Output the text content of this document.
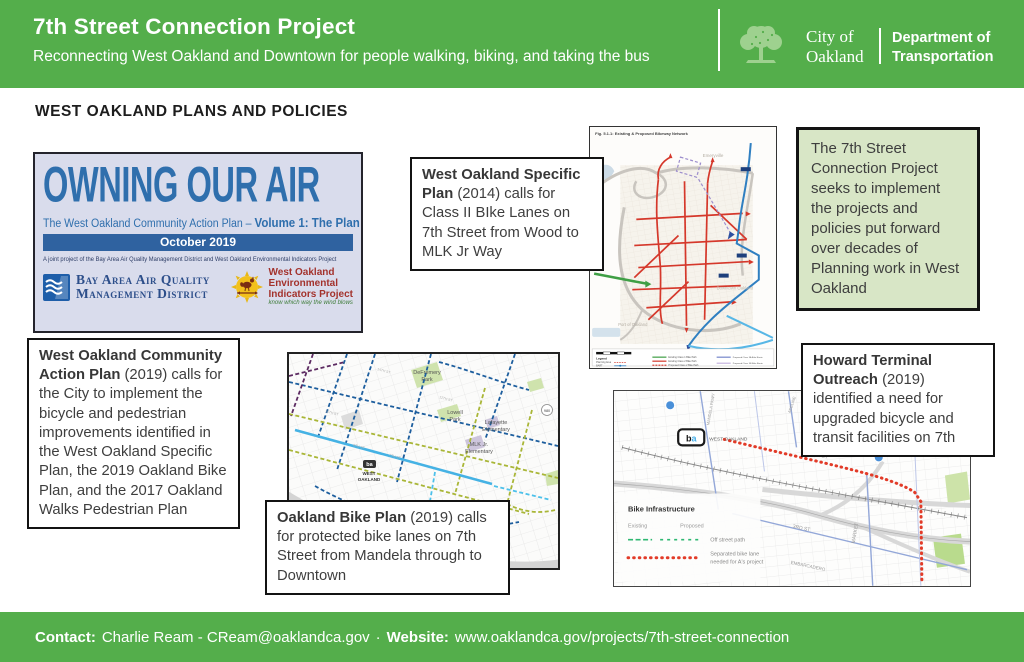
7th Street Connection Project
Reconnecting West Oakland and Downtown for people walking, biking, and taking the bus
City of
Oakland
Department of
Transportation
WEST OAKLAND PLANS AND POLICIES
OWNING OUR AIR
The West Oakland Community Action Plan – Volume 1: The Plan
October 2019
A joint project of the Bay Area Air Quality Management District and West Oakland Environmental Indicators Project
Bay Area Air Quality
Management District
West Oakland
Environmental
Indicators Project
know which way the wind blows
Fig. 5.1.1: Existing & Proposed Bikeway Network
Emeryville
Downtown Oakland
Port of Oakland
Legend
Planning Area
BART
Existing Class 1 Bike Path
Existing Class 2 Bike Path
Proposed Class 2 Bike Path
Proposed Class 3A Bike Route
Proposed Class 3B Bike Route
The 7th Street Connection Project seeks to implement the projects and policies put forward over decades of Planning work in West Oakland
West Oakland Specific Plan (2014) calls for Class II BIke Lanes on 7th Street from Wood to MLK Jr Way
West Oakland Community Action Plan (2019) calls for the City to implement the bicycle and pedestrian improvements identified in the West Oakland Specific Plan, the 2019 Oakland Bike Plan, and the 2017 Oakland Walks Pedestrian Plan
Oakland Bike Plan (2019) calls for protected bike lanes on 7th Street from Mandela through to Downtown
Howard Terminal Outreach (2019) identified a need for upgraded bicycle and transit facilities on 7th
ba
DeFremery
Park
Lowell
Park	Lafayette
Elementary
MLK Jr.
Elementary
WEST
OAKLAND
980
14TH ST
12TH ST
10TH ST
8TH ST
7TH ST
ba	WEST OAKLAND
3RD ST	MARKET
EMBARCADERO
MANDELA PKWY	ADELINE
Bike Infrastructure
Existing	Proposed
Off street path
Separated bike lane
needed for A's project
Contact: Charlie Ream - CReam@oaklandca.gov · Website: www.oaklandca.gov/projects/7th-street-connection
